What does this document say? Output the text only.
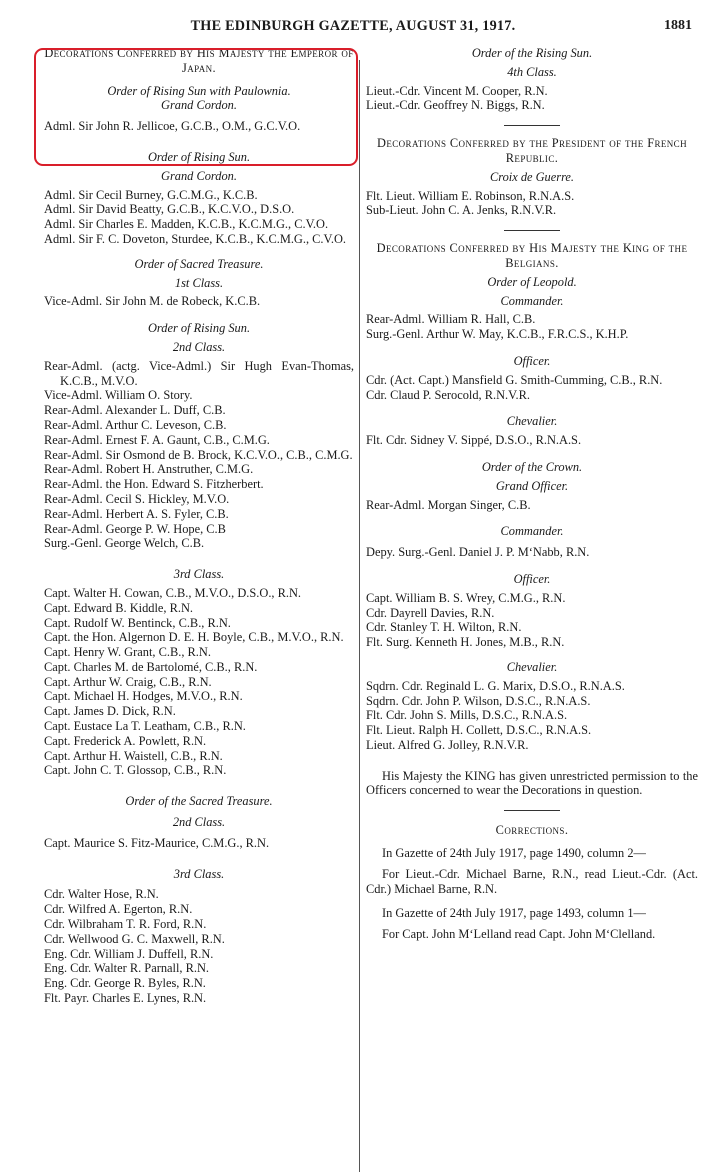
THE EDINBURGH GAZETTE, AUGUST 31, 1917.	1881
Decorations Conferred by His Majesty the Emperor of Japan.
Order of Rising Sun with Paulownia.
Grand Cordon.
Adml. Sir John R. Jellicoe, G.C.B., O.M., G.C.V.O.
Order of Rising Sun.
Grand Cordon.
Adml. Sir Cecil Burney, G.C.M.G., K.C.B.
Adml. Sir David Beatty, G.C.B., K.C.V.O., D.S.O.
Adml. Sir Charles E. Madden, K.C.B., K.C.M.G., C.V.O.
Adml. Sir F. C. Doveton, Sturdee, K.C.B., K.C.M.G., C.V.O.
Order of Sacred Treasure.
1st Class.
Vice-Adml. Sir John M. de Robeck, K.C.B.
Order of Rising Sun.
2nd Class.
Rear-Adml. (actg. Vice-Adml.) Sir Hugh Evan-Thomas, K.C.B., M.V.O.
Vice-Adml. William O. Story.
Rear-Adml. Alexander L. Duff, C.B.
Rear-Adml. Arthur C. Leveson, C.B.
Rear-Adml. Ernest F. A. Gaunt, C.B., C.M.G.
Rear-Adml. Sir Osmond de B. Brock, K.C.V.O., C.B., C.M.G.
Rear-Adml. Robert H. Anstruther, C.M.G.
Rear-Adml. the Hon. Edward S. Fitzherbert.
Rear-Adml. Cecil S. Hickley, M.V.O.
Rear-Adml. Herbert A. S. Fyler, C.B.
Rear-Adml. George P. W. Hope, C.B
Surg.-Genl. George Welch, C.B.
3rd Class.
Capt. Walter H. Cowan, C.B., M.V.O., D.S.O., R.N.
Capt. Edward B. Kiddle, R.N.
Capt. Rudolf W. Bentinck, C.B., R.N.
Capt. the Hon. Algernon D. E. H. Boyle, C.B., M.V.O., R.N.
Capt. Henry W. Grant, C.B., R.N.
Capt. Charles M. de Bartolomé, C.B., R.N.
Capt. Arthur W. Craig, C.B., R.N.
Capt. Michael H. Hodges, M.V.O., R.N.
Capt. James D. Dick, R.N.
Capt. Eustace La T. Leatham, C.B., R.N.
Capt. Frederick A. Powlett, R.N.
Capt. Arthur H. Waistell, C.B., R.N.
Capt. John C. T. Glossop, C.B., R.N.
Order of the Sacred Treasure.
2nd Class.
Capt. Maurice S. Fitz-Maurice, C.M.G., R.N.
3rd Class.
Cdr. Walter Hose, R.N.
Cdr. Wilfred A. Egerton, R.N.
Cdr. Wilbraham T. R. Ford, R.N.
Cdr. Wellwood G. C. Maxwell, R.N.
Eng. Cdr. William J. Duffell, R.N.
Eng. Cdr. Walter R. Parnall, R.N.
Eng. Cdr. George R. Byles, R.N.
Flt. Payr. Charles E. Lynes, R.N.
Order of the Rising Sun.
4th Class.
Lieut.-Cdr. Vincent M. Cooper, R.N.
Lieut.-Cdr. Geoffrey N. Biggs, R.N.
Decorations Conferred by the President of the French Republic.
Croix de Guerre.
Flt. Lieut. William E. Robinson, R.N.A.S.
Sub-Lieut. John C. A. Jenks, R.N.V.R.
Decorations Conferred by His Majesty the King of the Belgians.
Order of Leopold.
Commander.
Rear-Adml. William R. Hall, C.B.
Surg.-Genl. Arthur W. May, K.C.B., F.R.C.S., K.H.P.
Officer.
Cdr. (Act. Capt.) Mansfield G. Smith-Cumming, C.B., R.N.
Cdr. Claud P. Serocold, R.N.V.R.
Chevalier.
Flt. Cdr. Sidney V. Sippé, D.S.O., R.N.A.S.
Order of the Crown.
Grand Officer.
Rear-Adml. Morgan Singer, C.B.
Commander.
Depy. Surg.-Genl. Daniel J. P. M‘Nabb, R.N.
Officer.
Capt. William B. S. Wrey, C.M.G., R.N.
Cdr. Dayrell Davies, R.N.
Cdr. Stanley T. H. Wilton, R.N.
Flt. Surg. Kenneth H. Jones, M.B., R.N.
Chevalier.
Sqdrn. Cdr. Reginald L. G. Marix, D.S.O., R.N.A.S.
Sqdrn. Cdr. John P. Wilson, D.S.C., R.N.A.S.
Flt. Cdr. John S. Mills, D.S.C., R.N.A.S.
Flt. Lieut. Ralph H. Collett, D.S.C., R.N.A.S.
Lieut. Alfred G. Jolley, R.N.V.R.
His Majesty the KING has given unrestricted permission to the Officers concerned to wear the Decorations in question.
Corrections.
In Gazette of 24th July 1917, page 1490, column 2—
For Lieut.-Cdr. Michael Barne, R.N., read Lieut.-Cdr. (Act. Cdr.) Michael Barne, R.N.
In Gazette of 24th July 1917, page 1493, column 1—
For Capt. John M‘Lelland read Capt. John M‘Clelland.
